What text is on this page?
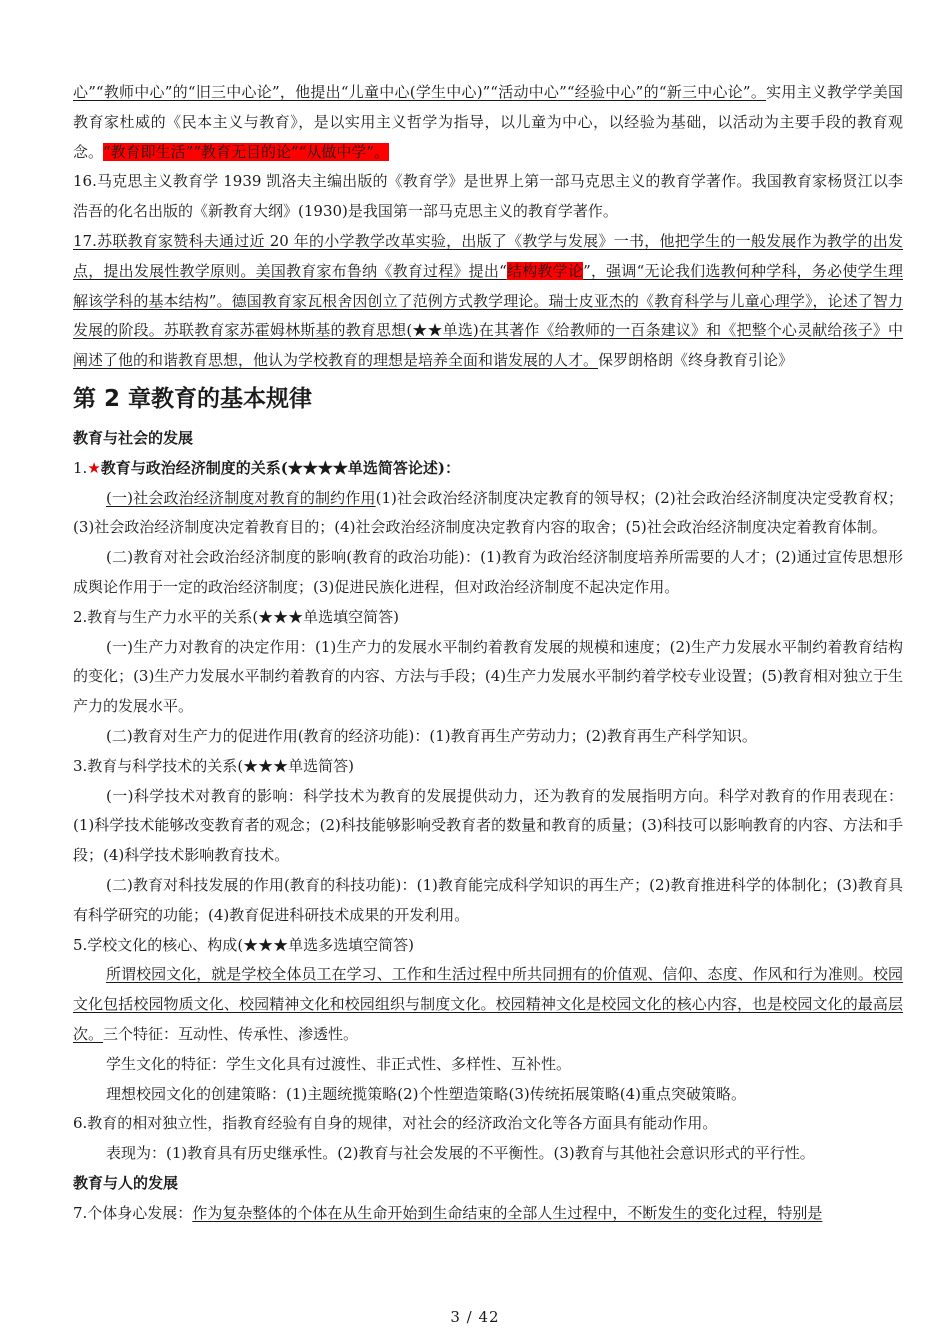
心”“教师中心”的“旧三中心论”，他提出“儿童中心(学生中心)”“活动中心”“经验中心”的“新三中心论”。实用主义教学学美国教育家杜威的《民本主义与教育》，是以实用主义哲学为指导，以儿童为中心，以经验为基础，以活动为主要手段的教育观念。“教育即生活”“教育无目的论”“从做中学”。

16.马克思主义教育学 1939 凯洛夫主编出版的《教育学》是世界上第一部马克思主义的教育学著作。我国教育家杨贤江以李浩吾的化名出版的《新教育大纲》(1930)是我国第一部马克思主义的教育学著作。

17.苏联教育家赞科夫通过近 20 年的小学教学改革实验，出版了《教学与发展》一书，他把学生的一般发展作为教学的出发点，提出发展性教学原则。美国教育家布鲁纳《教育过程》提出“结构教学论”，强调“无论我们选教何种学科，务必使学生理解该学科的基本结构”。德国教育家瓦根舍因创立了范例方式教学理论。瑞士皮亚杰的《教育科学与儿童心理学》，论述了智力发展的阶段。苏联教育家苏霍姆林斯基的教育思想(★★单选)在其著作《给教师的一百条建议》和《把整个心灵献给孩子》中阐述了他的和谐教育思想，他认为学校教育的理想是培养全面和谐发展的人才。保罗朗格朗《终身教育引论》

第 2 章教育的基本规律

教育与社会的发展

1.★教育与政治经济制度的关系(★★★★单选简答论述)：

(一)社会政治经济制度对教育的制约作用(1)社会政治经济制度决定教育的领导权；(2)社会政治经济制度决定受教育权；(3)社会政治经济制度决定着教育目的；(4)社会政治经济制度决定教育内容的取舍；(5)社会政治经济制度决定着教育体制。

(二)教育对社会政治经济制度的影响(教育的政治功能)：(1)教育为政治经济制度培养所需要的人才；(2)通过宣传思想形成舆论作用于一定的政治经济制度；(3)促进民族化进程，但对政治经济制度不起决定作用。

2.教育与生产力水平的关系(★★★单选填空简答)

(一)生产力对教育的决定作用：(1)生产力的发展水平制约着教育发展的规模和速度；(2)生产力发展水平制约着教育结构的变化；(3)生产力发展水平制约着教育的内容、方法与手段；(4)生产力发展水平制约着学校专业设置；(5)教育相对独立于生产力的发展水平。

(二)教育对生产力的促进作用(教育的经济功能)：(1)教育再生产劳动力；(2)教育再生产科学知识。

3.教育与科学技术的关系(★★★单选简答)

(一)科学技术对教育的影响：科学技术为教育的发展提供动力，还为教育的发展指明方向。科学对教育的作用表现在：(1)科学技术能够改变教育者的观念；(2)科技能够影响受教育者的数量和教育的质量；(3)科技可以影响教育的内容、方法和手段；(4)科学技术影响教育技术。

(二)教育对科技发展的作用(教育的科技功能)：(1)教育能完成科学知识的再生产；(2)教育推进科学的体制化；(3)教育具有科学研究的功能；(4)教育促进科研技术成果的开发利用。

5.学校文化的核心、构成(★★★单选多选填空简答)

所谓校园文化，就是学校全体员工在学习、工作和生活过程中所共同拥有的价值观、信仰、态度、作风和行为准则。校园文化包括校园物质文化、校园精神文化和校园组织与制度文化。校园精神文化是校园文化的核心内容，也是校园文化的最高层次。三个特征：互动性、传承性、渗透性。

学生文化的特征：学生文化具有过渡性、非正式性、多样性、互补性。

理想校园文化的创建策略：(1)主题统揽策略(2)个性塑造策略(3)传统拓展策略(4)重点突破策略。

6.教育的相对独立性，指教育经验有自身的规律，对社会的经济政治文化等各方面具有能动作用。

表现为：(1)教育具有历史继承性。(2)教育与社会发展的不平衡性。(3)教育与其他社会意识形式的平行性。

教育与人的发展

7.个体身心发展：作为复杂整体的个体在从生命开始到生命结束的全部人生过程中，不断发生的变化过程，特别是

3 / 42
